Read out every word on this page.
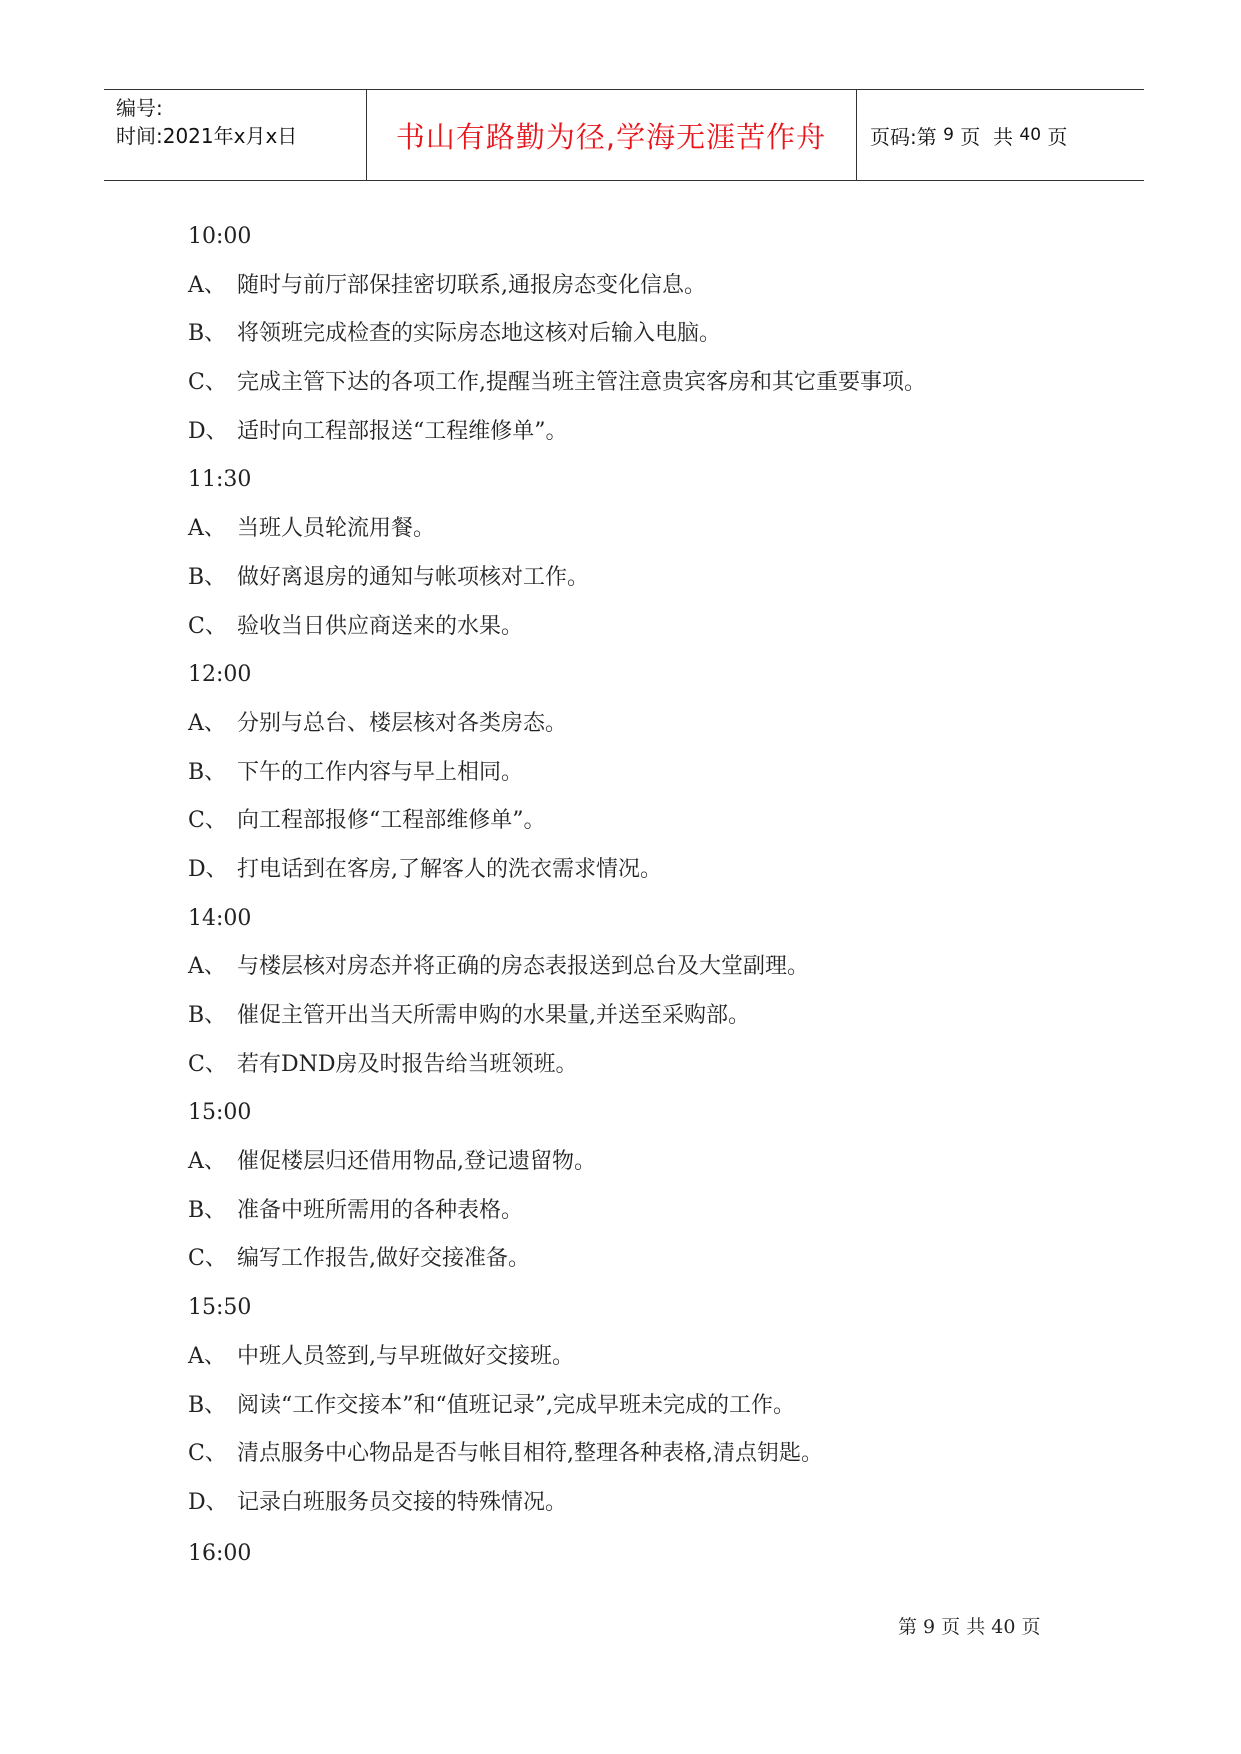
编号:
时间:2021年x月x日	书山有路勤为径,学海无涯苦作舟	页码:第 9 页  共 40 页
10:00
A、 随时与前厅部保挂密切联系,通报房态变化信息。
B、 将领班完成检查的实际房态地这核对后输入电脑。
C、 完成主管下达的各项工作,提醒当班主管注意贵宾客房和其它重要事项。
D、 适时向工程部报送“工程维修单”。
11:30
A、 当班人员轮流用餐。
B、 做好离退房的通知与帐项核对工作。
C、 验收当日供应商送来的水果。
12:00
A、 分别与总台、楼层核对各类房态。
B、 下午的工作内容与早上相同。
C、 向工程部报修“工程部维修单”。
D、 打电话到在客房,了解客人的洗衣需求情况。
14:00
A、 与楼层核对房态并将正确的房态表报送到总台及大堂副理。
B、 催促主管开出当天所需申购的水果量,并送至采购部。
C、 若有DND房及时报告给当班领班。
15:00
A、 催促楼层归还借用物品,登记遗留物。
B、 准备中班所需用的各种表格。
C、 编写工作报告,做好交接准备。
15:50
A、 中班人员签到,与早班做好交接班。
B、 阅读“工作交接本”和“值班记录”,完成早班未完成的工作。
C、 清点服务中心物品是否与帐目相符,整理各种表格,清点钥匙。
D、 记录白班服务员交接的特殊情况。
16:00
第 9 页 共 40 页
